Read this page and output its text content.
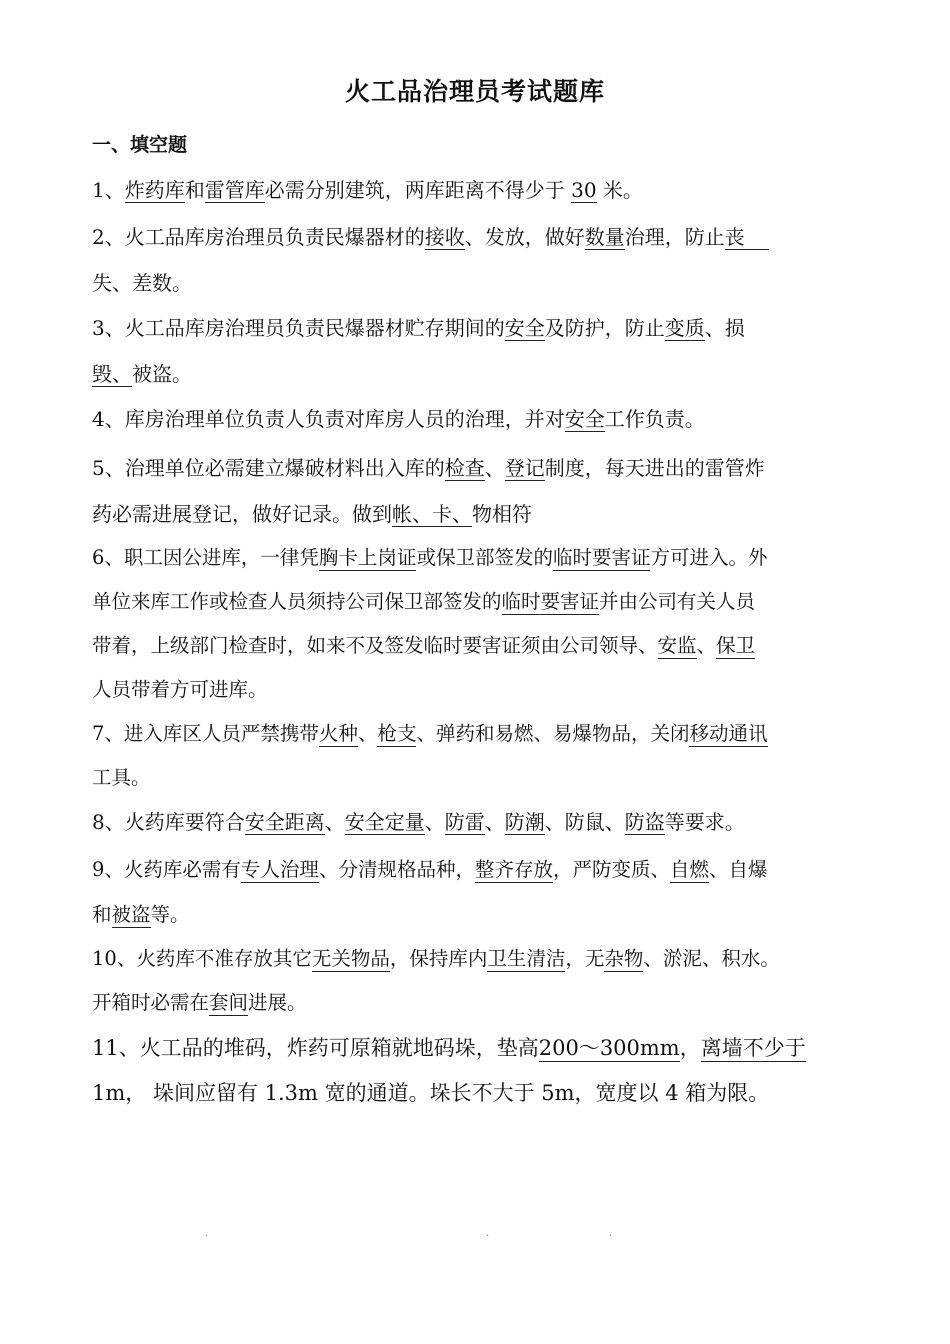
火工品治理员考试题库
一、填空题
1、炸药库和雷管库必需分别建筑，两库距离不得少于 30 米。
2、火工品库房治理员负责民爆器材的接收、发放，做好数量治理，防止丧
失、差数。
3、火工品库房治理员负责民爆器材贮存期间的安全及防护，防止变质、损
毁、被盗。
4、库房治理单位负责人负责对库房人员的治理，并对安全工作负责。
5、治理单位必需建立爆破材料出入库的检查、登记制度，每天进出的雷管炸
药必需进展登记，做好记录。做到帐、卡、物相符
6、职工因公进库，一律凭胸卡上岗证或保卫部签发的临时要害证方可进入。外
单位来库工作或检查人员须持公司保卫部签发的临时要害证并由公司有关人员
带着，上级部门检查时，如来不及签发临时要害证须由公司领导、安监、保卫
人员带着方可进库。
7、进入库区人员严禁携带火种、枪支、弹药和易燃、易爆物品，关闭移动通讯
工具。
8、火药库要符合安全距离、安全定量、防雷、防潮、防鼠、防盗等要求。
9、火药库必需有专人治理、分清规格品种，整齐存放，严防变质、自燃、自爆
和被盗等。
10、火药库不准存放其它无关物品，保持库内卫生清洁，无杂物、淤泥、积水。
开箱时必需在套间进展。
11、火工品的堆码，炸药可原箱就地码垛，垫高200～300mm，离墙不少于
1m， 垛间应留有 1.3m 宽的通道。垛长不大于 5m，宽度以 4 箱为限。
.	.	.
